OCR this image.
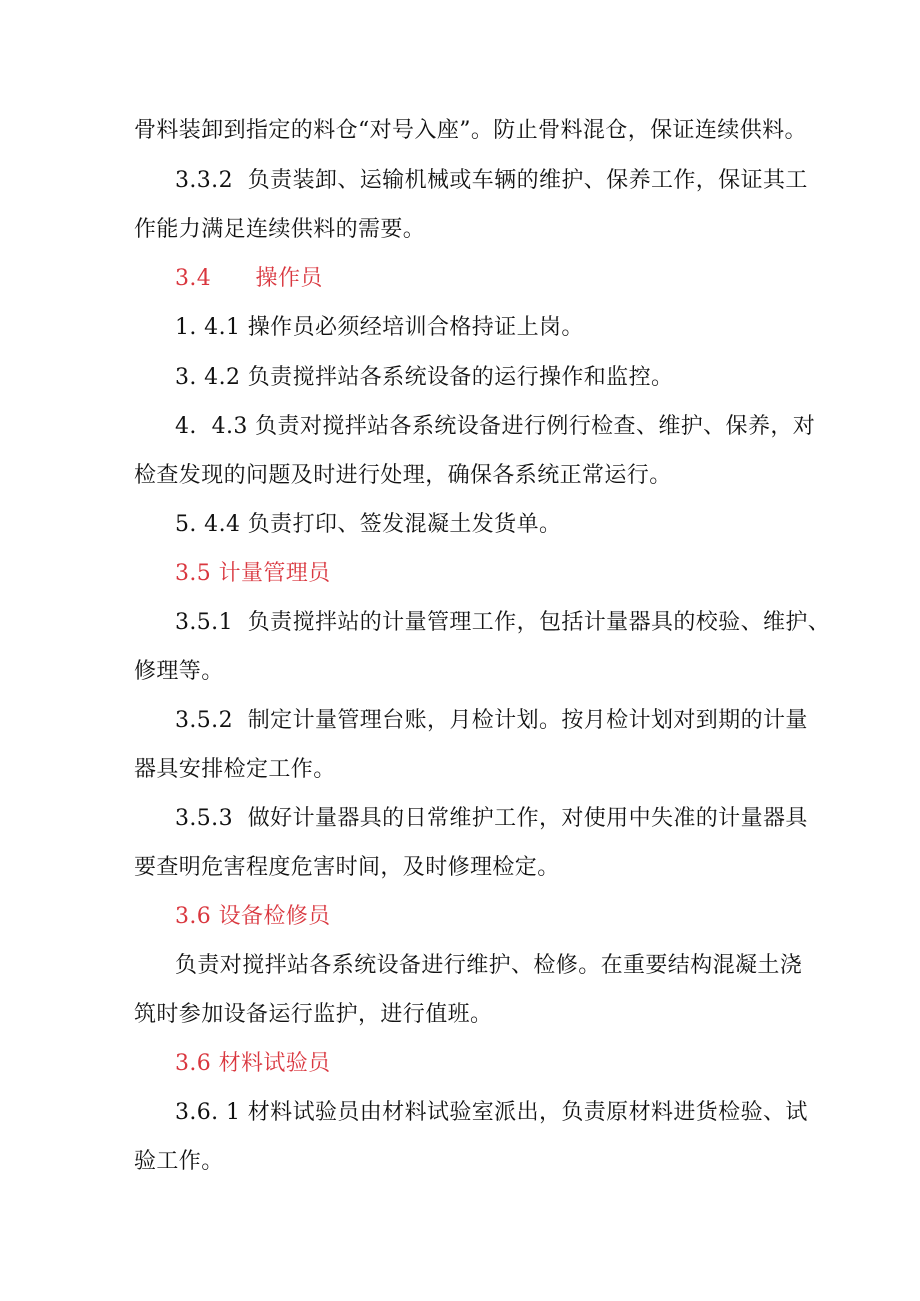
骨料装卸到指定的料仓“对号入座”。防止骨料混仓，保证连续供料。
3.3.2  负责装卸、运输机械或车辆的维护、保养工作，保证其工
作能力满足连续供料的需要。
3.4      操作员
1. 4.1 操作员必须经培训合格持证上岗。
3. 4.2 负责搅拌站各系统设备的运行操作和监控。
4.  4.3 负责对搅拌站各系统设备进行例行检查、维护、保养，对
检查发现的问题及时进行处理，确保各系统正常运行。
5. 4.4 负责打印、签发混凝土发货单。
3.5 计量管理员
3.5.1  负责搅拌站的计量管理工作，包括计量器具的校验、维护、
修理等。
3.5.2  制定计量管理台账，月检计划。按月检计划对到期的计量
器具安排检定工作。
3.5.3  做好计量器具的日常维护工作，对使用中失准的计量器具
要查明危害程度危害时间，及时修理检定。
3.6 设备检修员
负责对搅拌站各系统设备进行维护、检修。在重要结构混凝土浇
筑时参加设备运行监护，进行值班。
3.6 材料试验员
3.6. 1 材料试验员由材料试验室派出，负责原材料进货检验、试
验工作。
